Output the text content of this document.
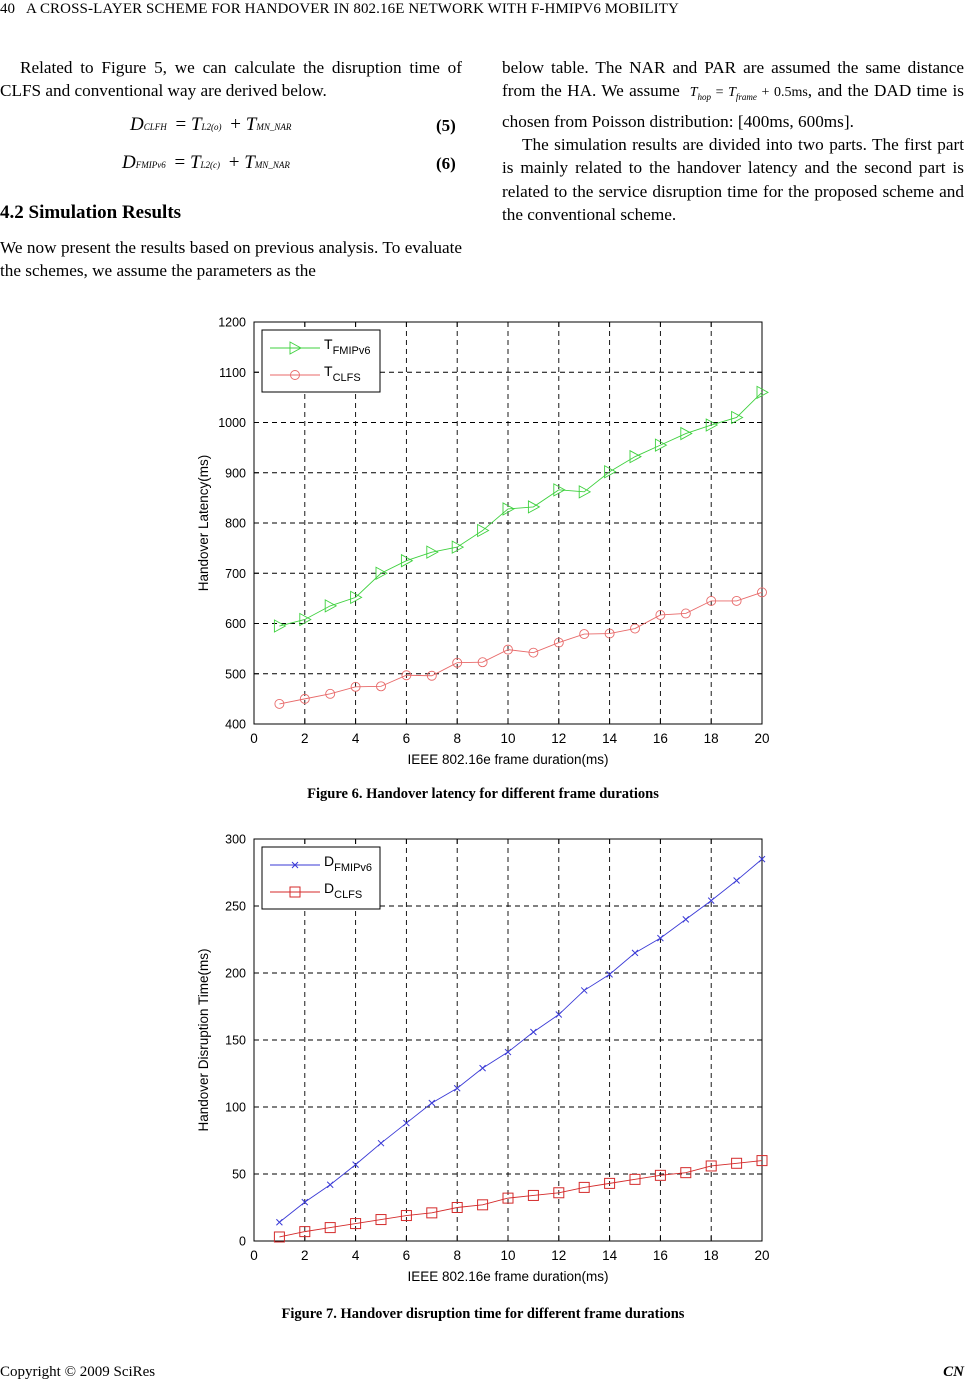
40 A CROSS-LAYER SCHEME FOR HANDOVER IN 802.16E NETWORK WITH F-HMIPV6 MOBILITY

Related to Figure 5, we can calculate the disruption time of CLFS and conventional way are derived below.

DCLFH  = TL2(o)  + TMN_NAR	(5)
DFMIPv6  = TL2(c)  + TMN_NAR	(6)
4.2 Simulation Results

We now present the results based on previous analysis. To evaluate the schemes, we assume the parameters as the

below table. The NAR and PAR are assumed the same distance from the HA. We assume  $T_{hop} = T_{frame} + 0.5ms$, and the DAD time is chosen from Poisson distribution: [400ms, 600ms].

The simulation results are divided into two parts. The first part is mainly related to the handover latency and the second part is related to the service disruption time for the proposed scheme and the conventional scheme.

0	2	4	6	8	10	12	14	16	18	20
400
500
600
700
800
900
1000
1100
1200
IEEE 802.16e frame duration(ms)
Handover Latency(ms)
$T_{FMIPv6}$
$T_{CLFS}$
Figure 6. Handover latency for different frame durations
0	2	4	6	8	10	12	14	16	18	20
0
50
100
150
200
250
300
IEEE 802.16e frame duration(ms)
Handover Disruption Time(ms)
$D_{FMIPv6}$
$D_{CLFS}$
Figure 7. Handover disruption time for different frame durations
Copyright © 2009 SciRes	CN
